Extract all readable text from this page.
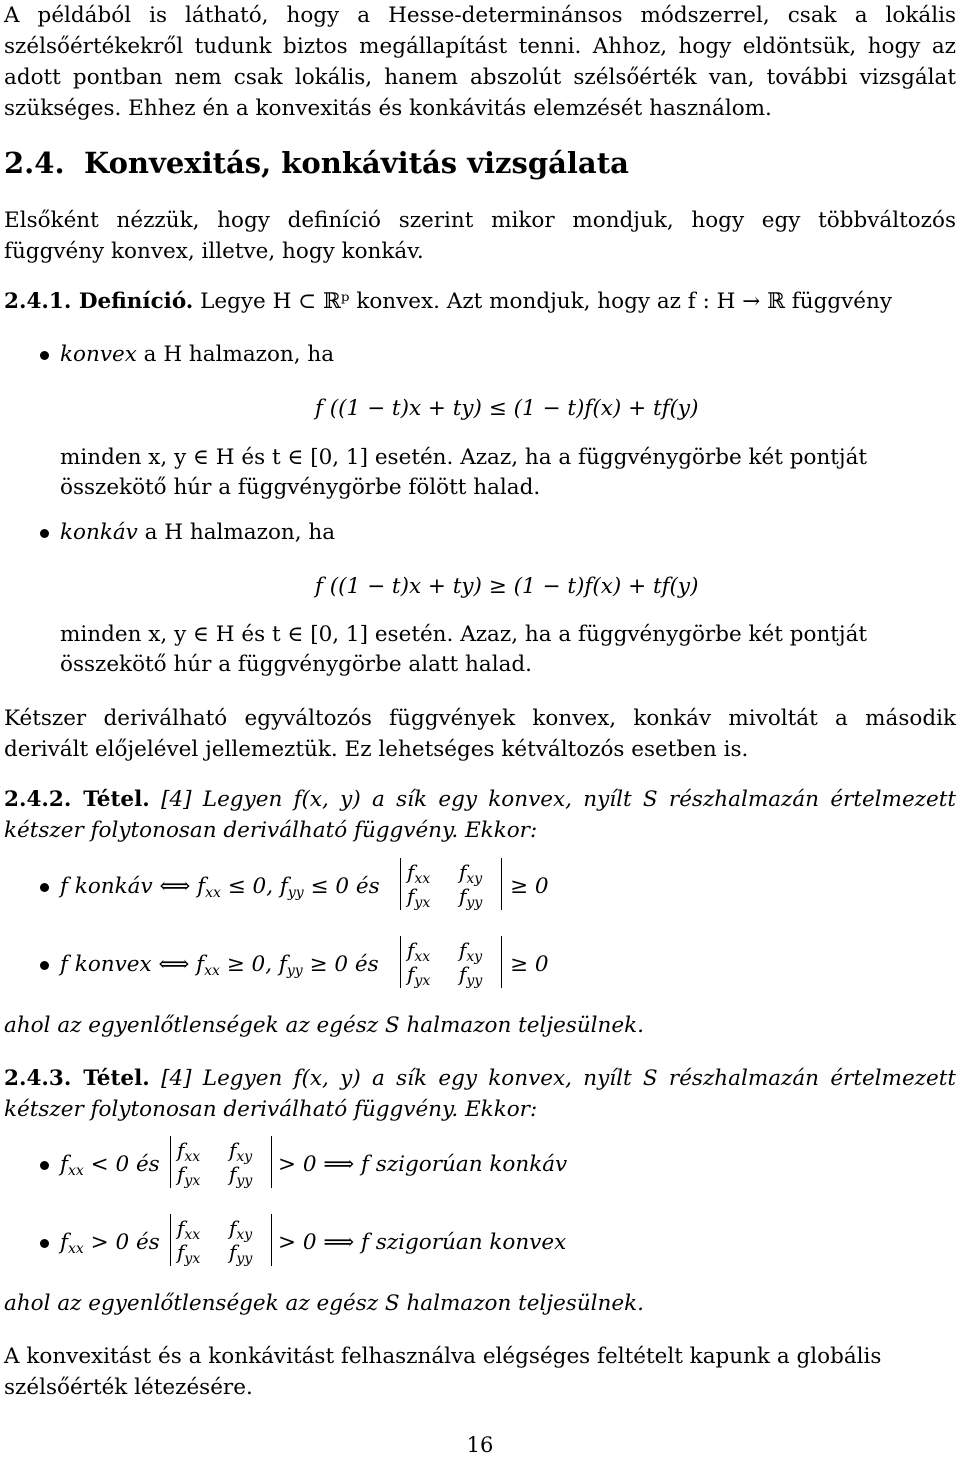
A példából is látható, hogy a Hesse-determinánsos módszerrel, csak a lokális szélsőértékekről tudunk biztos megállapítást tenni. Ahhoz, hogy eldöntsük, hogy az adott pontban nem csak lokális, hanem abszolút szélsőérték van, további vizsgálat szükséges. Ehhez én a konvexitás és konkávitás elemzését használom.

2.4. Konvexitás, konkávitás vizsgálata

Elsőként nézzük, hogy definíció szerint mikor mondjuk, hogy egy többváltozós függvény konvex, illetve, hogy konkáv.

2.4.1. Definíció. Legye H ⊂ ℝᵖ konvex. Azt mondjuk, hogy az f : H → ℝ függvény
konvex a H halmazon, ha
f ((1 − t)x + ty) ≤ (1 − t)f(x) + tf(y)

minden x, y ∈ H és t ∈ [0, 1] esetén. Azaz, ha a függvénygörbe két pontját összekötő húr a függvénygörbe fölött halad.

konkáv a H halmazon, ha
f ((1 − t)x + ty) ≥ (1 − t)f(x) + tf(y)

minden x, y ∈ H és t ∈ [0, 1] esetén. Azaz, ha a függvénygörbe két pontját összekötő húr a függvénygörbe alatt halad.

Kétszer deriválható egyváltozós függvények konvex, konkáv mivoltát a második derivált előjelével jellemeztük. Ez lehetséges kétváltozós esetben is.

2.4.2. Tétel. [4] Legyen f(x, y) a sík egy konvex, nyílt S részhalmazán értelmezett kétszer folytonosan deriválható függvény. Ekkor:

f konkáv ⟺ $f_{xx} \le 0$, $f_{yy} \le 0$ és
$f_{xx}$ $f_{xy}$
$f_{yx}$ $f_{yy}$
≥ 0
f konvex ⟺ $f_{xx} \ge 0$, $f_{yy} \ge 0$ és
$f_{xx}$ $f_{xy}$
$f_{yx}$ $f_{yy}$
≥ 0
ahol az egyenlőtlenségek az egész S halmazon teljesülnek.

2.4.3. Tétel. [4] Legyen f(x, y) a sík egy konvex, nyílt S részhalmazán értelmezett kétszer folytonosan deriválható függvény. Ekkor:

$f_{xx} < 0$ és
$f_{xx}$ $f_{xy}$
$f_{yx}$ $f_{yy}$
> 0 ⟹ f szigorúan konkáv
$f_{xx} > 0$ és
$f_{xx}$ $f_{xy}$
$f_{yx}$ $f_{yy}$
> 0 ⟹ f szigorúan konvex
ahol az egyenlőtlenségek az egész S halmazon teljesülnek.

A konvexitást és a konkávitást felhasználva elégséges feltételt kapunk a globális szélsőérték létezésére.

16
